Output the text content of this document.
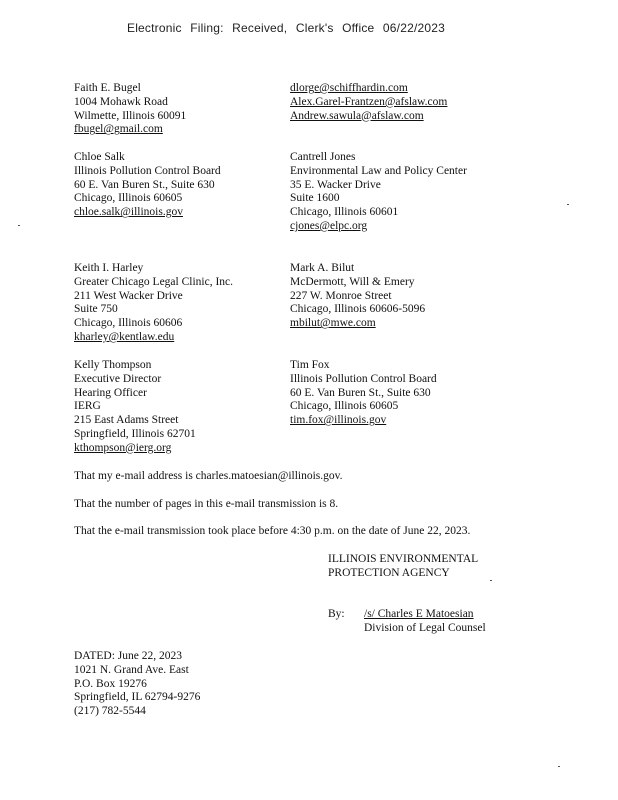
Electronic Filing: Received, Clerk's Office 06/22/2023
Faith E. Bugel
1004 Mohawk Road
Wilmette, Illinois 60091
fbugel@gmail.com
dlorge@schiffhardin.com
Alex.Garel-Frantzen@afslaw.com
Andrew.sawula@afslaw.com
Chloe Salk
Illinois Pollution Control Board
60 E. Van Buren St., Suite 630
Chicago, Illinois 60605
chloe.salk@illinois.gov
Cantrell Jones
Environmental Law and Policy Center
35 E. Wacker Drive
Suite 1600
Chicago, Illinois 60601
cjones@elpc.org
Keith I. Harley
Greater Chicago Legal Clinic, Inc.
211 West Wacker Drive
Suite 750
Chicago, Illinois 60606
kharley@kentlaw.edu
Mark A. Bilut
McDermott, Will & Emery
227 W. Monroe Street
Chicago, Illinois 60606-5096
mbilut@mwe.com
Kelly Thompson
Executive Director
Hearing Officer
IERG
215 East Adams Street
Springfield, Illinois 62701
kthompson@ierg.org
Tim Fox
Illinois Pollution Control Board
60 E. Van Buren St., Suite 630
Chicago, Illinois 60605
tim.fox@illinois.gov
That my e-mail address is charles.matoesian@illinois.gov.
That the number of pages in this e-mail transmission is 8.
That the e-mail transmission took place before 4:30 p.m. on the date of June 22, 2023.
ILLINOIS ENVIRONMENTAL
PROTECTION AGENCY
By: /s/ Charles E Matoesian
Division of Legal Counsel
DATED: June 22, 2023
1021 N. Grand Ave. East
P.O. Box 19276
Springfield, IL 62794-9276
(217) 782-5544
